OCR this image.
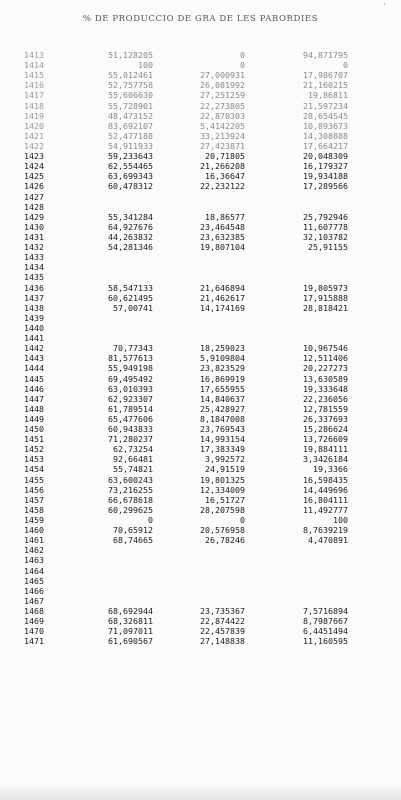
'
% DE PRODUCCIO DE GRA DE LES PABORDIES
1413	51,128205	0	94,871795
1414	100	0	0
1415	55,012461	27,000931	17,986707
1416	52,757758	26,081992	21,160215
1417	55,606630	27,251259	19,86811
1418	55,728901	22,273805	21,597234
1419	48,473152	22,870303	28,654545
1420	83,692107	5,4142205	10,893673
1421	52,477188	33,213924	14,308888
1422	54,911933	27,423871	17,664217
1423	59,233643	20,71805	20,048309
1424	62,554465	21,266208	16,179327
1425	63,699343	16,36647	19,934188
1426	60,478312	22,232122	17,289566
1427
1428
1429	55,341284	18,86577	25,792946
1430	64,927676	23,464548	11,607778
1431	44,263832	23,632385	32,103782
1432	54,281346	19,807104	25,91155
1433
1434
1435
1436	58,547133	21,646894	19,805973
1437	60,621495	21,462617	17,915888
1438	57,00741	14,174169	28,818421
1439
1440
1441
1442	70,77343	18,259023	10,967546
1443	81,577613	5,9109804	12,511406
1444	55,949198	23,823529	20,227273
1445	69,495492	16,869919	13,630589
1446	63,010393	17,655955	19,333648
1447	62,923307	14,840637	22,236056
1448	61,789514	25,428927	12,781559
1449	65,477606	8,1847008	26,337693
1450	60,943833	23,769543	15,286624
1451	71,280237	14,993154	13,726609
1452	62,73254	17,383349	19,884111
1453	92,66481	3,992572	3,3426184
1454	55,74821	24,91519	19,3366
1455	63,600243	19,801325	16,598435
1456	73,216255	12,334009	14,449696
1457	66,678618	16,51727	16,804111
1458	60,299625	28,207598	11,492777
1459	0	0	100
1460	70,65912	20,576958	8,7639219
1461	68,74665	26,78246	4,470891
1462
1463
1464
1465
1466
1467
1468	68,692944	23,735367	7,5716894
1469	68,326811	22,874422	8,7987667
1470	71,097011	22,457839	6,4451494
1471	61,690567	27,148838	11,160595
